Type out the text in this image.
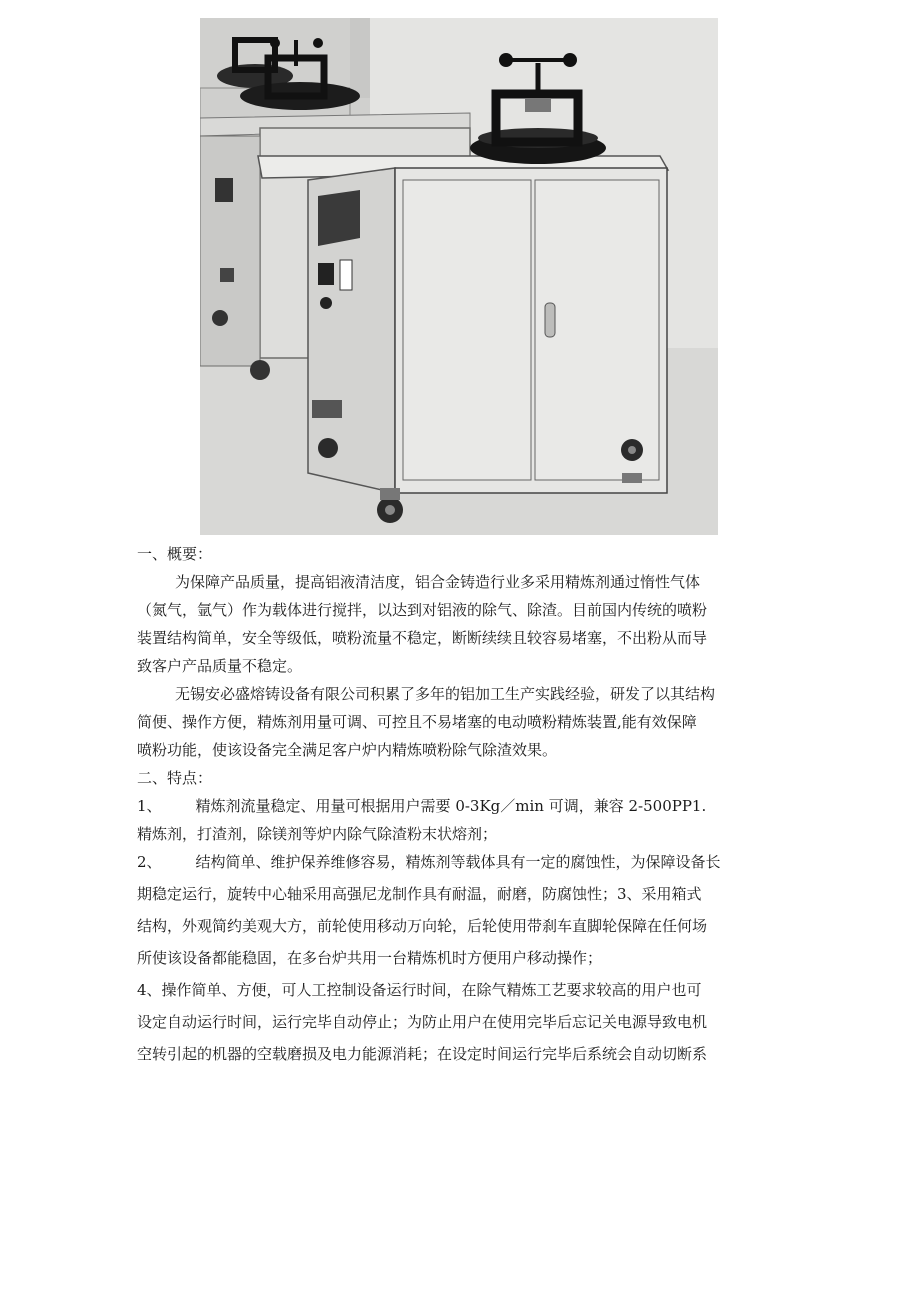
一、概要：
为保障产品质量，提高铝液清洁度，铝合金铸造行业多采用精炼剂通过惰性气体
（氮气，氩气）作为载体进行搅拌，以达到对铝液的除气、除渣。目前国内传统的喷粉
装置结构简单，安全等级低，喷粉流量不稳定，断断续续且较容易堵塞，不出粉从而导
致客户产品质量不稳定。
无锡安必盛熔铸设备有限公司积累了多年的铝加工生产实践经验，研发了以其结构
简便、操作方便，精炼剂用量可调、可控且不易堵塞的电动喷粉精炼装置,能有效保障
喷粉功能，使该设备完全满足客户炉内精炼喷粉除气除渣效果。
二、特点：
1、 精炼剂流量稳定、用量可根据用户需要 0-3Kg／min 可调，兼容 2-500PP1.
精炼剂，打渣剂，除镁剂等炉内除气除渣粉末状熔剂；
2、 结构简单、维护保养维修容易，精炼剂等载体具有一定的腐蚀性，为保障设备长
期稳定运行，旋转中心轴采用高强尼龙制作具有耐温，耐磨，防腐蚀性；3、采用箱式
结构，外观简约美观大方，前轮使用移动万向轮，后轮使用带刹车直脚轮保障在任何场
所使该设备都能稳固，在多台炉共用一台精炼机时方便用户移动操作；
4、操作简单、方便，可人工控制设备运行时间，在除气精炼工艺要求较高的用户也可
设定自动运行时间，运行完毕自动停止；为防止用户在使用完毕后忘记关电源导致电机
空转引起的机器的空载磨损及电力能源消耗；在设定时间运行完毕后系统会自动切断系
